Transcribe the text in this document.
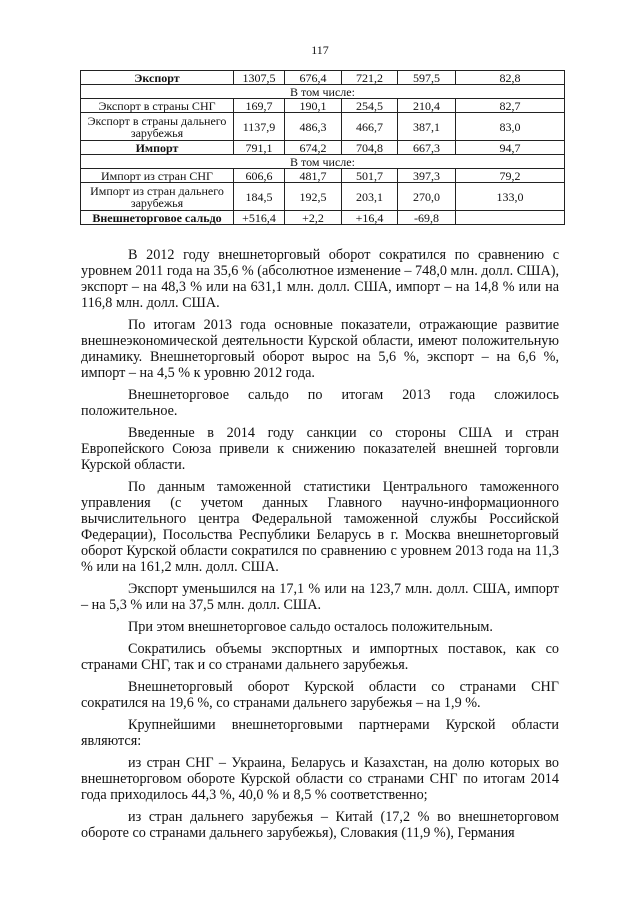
117
Экспорт	1307,5	676,4	721,2	597,5	82,8
В том числе:					
Экспорт в страны СНГ	169,7	190,1	254,5	210,4	82,7
Экспорт в страны дальнего зарубежья	1137,9	486,3	466,7	387,1	83,0
Импорт	791,1	674,2	704,8	667,3	94,7
В том числе:					
Импорт из стран СНГ	606,6	481,7	501,7	397,3	79,2
Импорт из стран дальнего зарубежья	184,5	192,5	203,1	270,0	133,0
Внешнеторговое сальдо	+516,4	+2,2	+16,4	-69,8	

В 2012 году внешнеторговый оборот сократился по сравнению с уровнем 2011 года на 35,6 % (абсолютное изменение – 748,0 млн. долл. США), экспорт – на 48,3 % или на 631,1 млн. долл. США, импорт – на 14,8 % или на 116,8 млн. долл. США.

По итогам 2013 года основные показатели, отражающие развитие внешнеэкономической деятельности Курской области, имеют положительную динамику. Внешнеторговый оборот вырос на 5,6 %, экспорт – на 6,6 %, импорт – на 4,5 % к уровню 2012 года.

Внешнеторговое сальдо по итогам 2013 года сложилось положительное.

Введенные в 2014 году санкции со стороны США и стран Европейского Союза привели к снижению показателей внешней торговли Курской области.

По данным таможенной статистики Центрального таможенного управления (с учетом данных Главного научно-информационного вычислительного центра Федеральной таможенной службы Российской Федерации), Посольства Республики Беларусь в г. Москва внешнеторговый оборот Курской области сократился по сравнению с уровнем 2013 года на 11,3 % или на 161,2 млн. долл. США.

Экспорт уменьшился на 17,1 % или на 123,7 млн. долл. США, импорт – на 5,3 % или на 37,5 млн. долл. США.

При этом внешнеторговое сальдо осталось положительным.

Сократились объемы экспортных и импортных поставок, как со странами СНГ, так и со странами дальнего зарубежья.

Внешнеторговый оборот Курской области со странами СНГ сократился на 19,6 %, со странами дальнего зарубежья – на 1,9 %.

Крупнейшими внешнеторговыми партнерами Курской области являются:

из стран СНГ – Украина, Беларусь и Казахстан, на долю которых во внешнеторговом обороте Курской области со странами СНГ по итогам 2014 года приходилось 44,3 %, 40,0 % и 8,5 % соответственно;

из стран дальнего зарубежья – Китай (17,2 % во внешнеторговом обороте со странами дальнего зарубежья), Словакия (11,9 %), Германия
